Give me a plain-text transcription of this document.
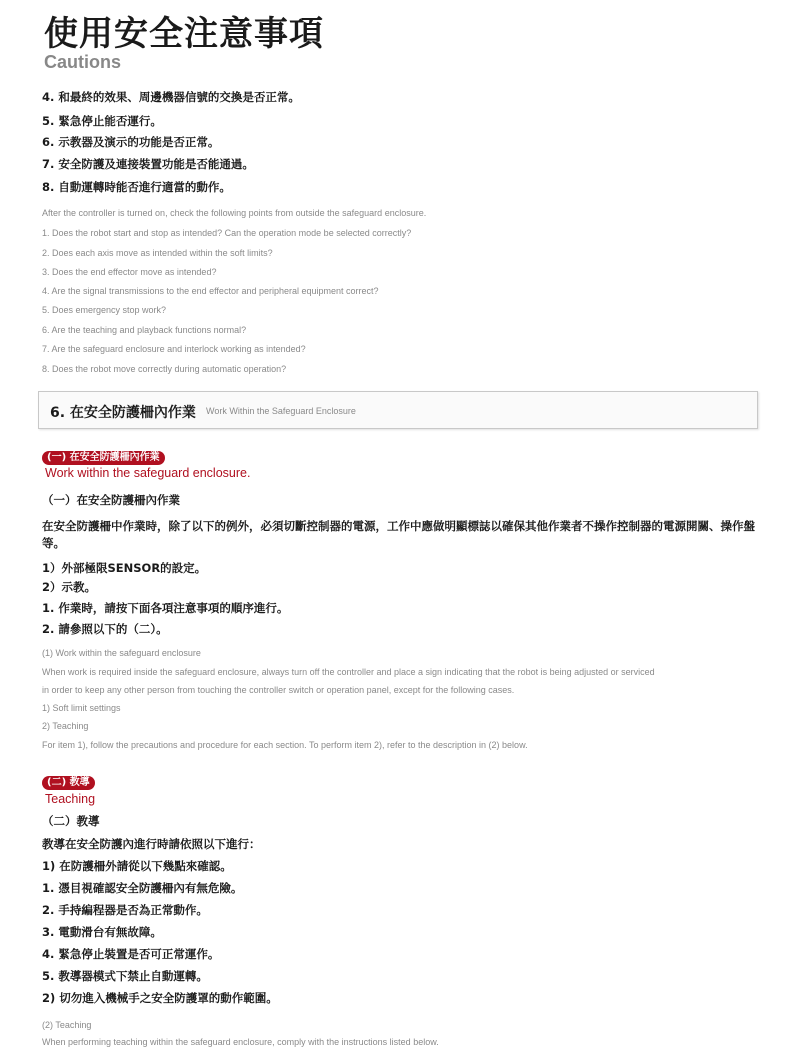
使用安全注意事項
Cautions
4. 和最終的效果、周邊機器信號的交換是否正常。
5. 緊急停止能否運行。
6. 示教器及演示的功能是否正常。
7. 安全防護及連接裝置功能是否能通過。
8. 自動運轉時能否進行適當的動作。
After the controller is turned on, check the following points from outside the safeguard enclosure.
1. Does the robot start and stop as intended? Can the operation mode be selected correctly?
2. Does each axis move as intended within the soft limits?
3. Does the end effector move as intended?
4. Are the signal transmissions to the end effector and peripheral equipment correct?
5. Does emergency stop work?
6. Are the teaching and playback functions normal?
7. Are the safeguard enclosure and interlock working as intended?
8. Does the robot move correctly during automatic operation?
6. 在安全防護柵內作業 Work Within the Safeguard Enclosure
(一) 在安全防護柵內作業
Work within the safeguard enclosure.
（一）在安全防護柵內作業
在安全防護柵中作業時，除了以下的例外，必須切斷控制器的電源，工作中應做明顯標誌以確保其他作業者不操作控制器的電源開關、操作盤等。
1）外部極限SENSOR的設定。
2）示教。
1. 作業時，請按下面各項注意事項的順序進行。
2. 請參照以下的（二）。
(1) Work within the safeguard enclosure
When work is required inside the safeguard enclosure, always turn off the controller and place a sign indicating that the robot is being adjusted or serviced
in order to keep any other person from touching the controller switch or operation panel, except for the following cases.
1) Soft limit settings
2) Teaching
For item 1), follow the precautions and procedure for each section. To perform item 2), refer to the description in (2) below.
(二) 教導
Teaching
（二）教導
教導在安全防護內進行時請依照以下進行：
1) 在防護柵外請從以下幾點來確認。
1. 憑目視確認安全防護柵內有無危險。
2. 手持編程器是否為正常動作。
3. 電動滑台有無故障。
4. 緊急停止裝置是否可正常運作。
5. 教導器模式下禁止自動運轉。
2) 切勿進入機械手之安全防護罩的動作範圍。
(2) Teaching
When performing teaching within the safeguard enclosure, comply with the instructions listed below.
